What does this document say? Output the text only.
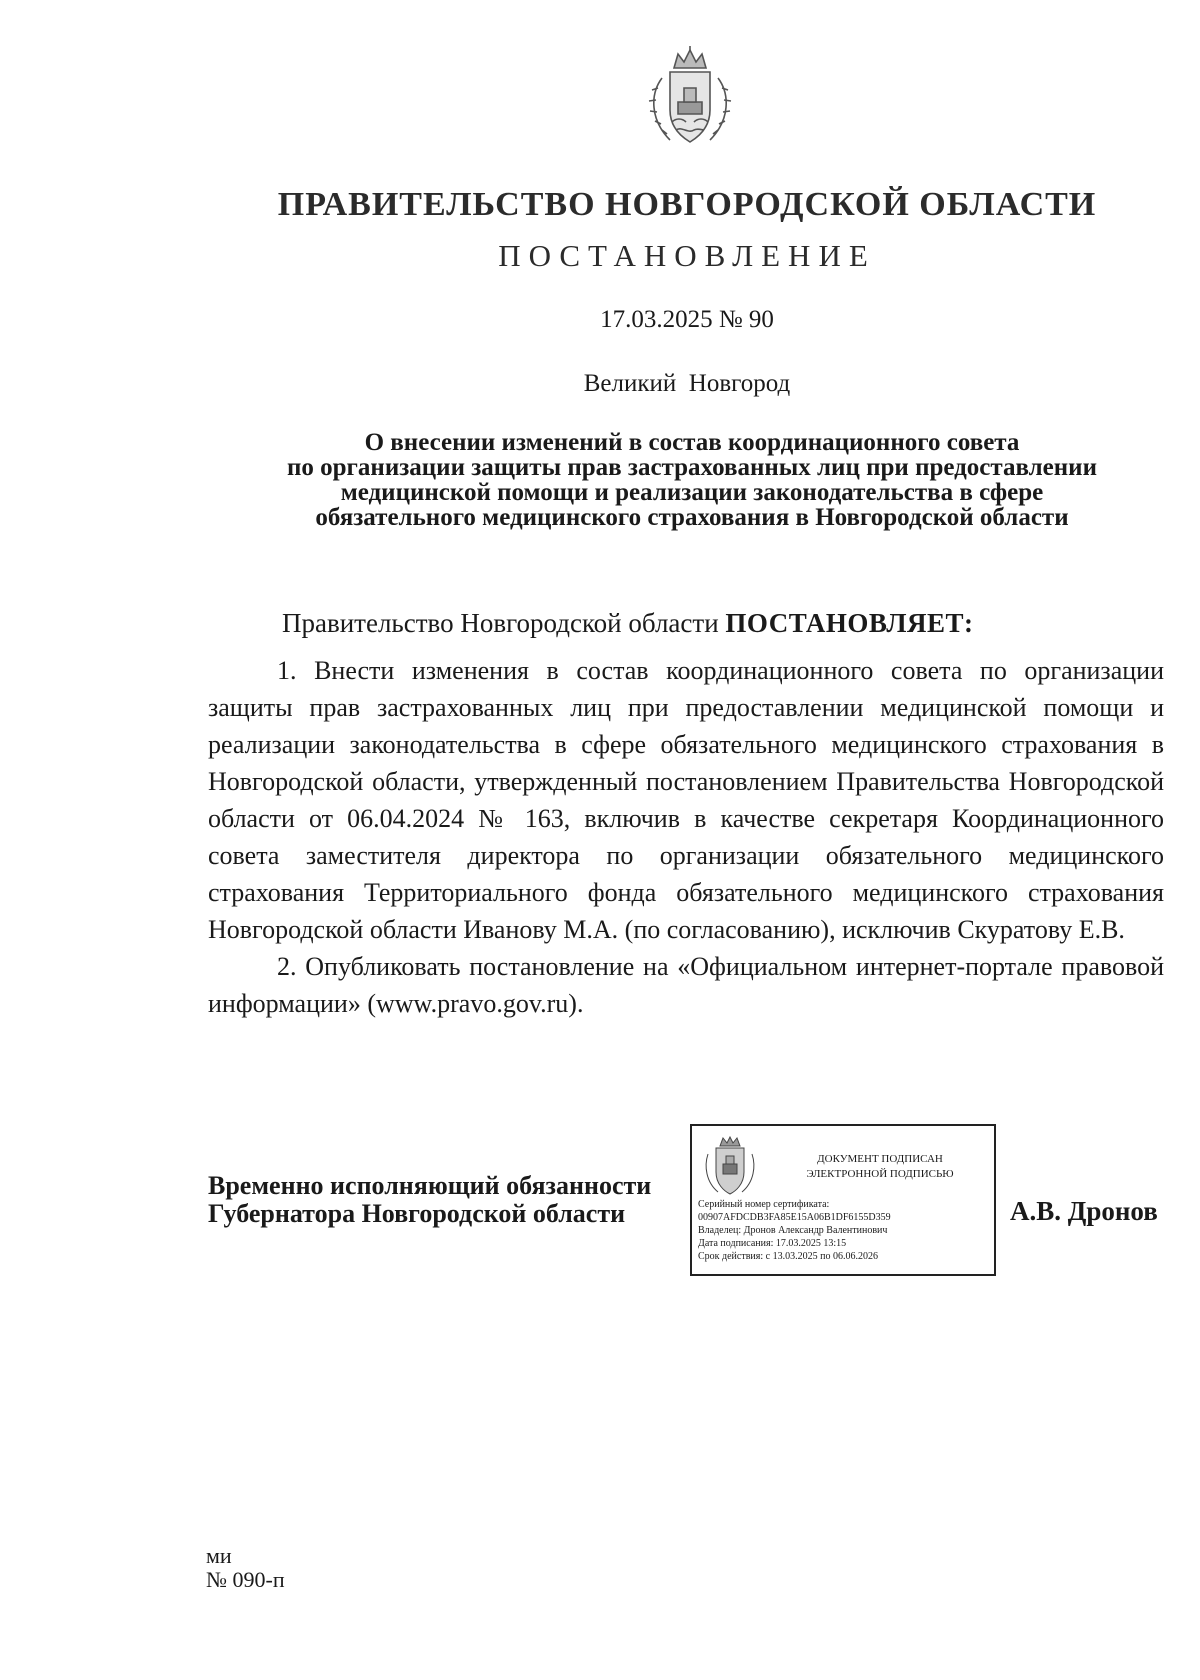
ПРАВИТЕЛЬСТВО НОВГОРОДСКОЙ ОБЛАСТИ
ПОСТАНОВЛЕНИЕ
17.03.2025 № 90
Великий  Новгород
О внесении изменений в состав координационного совета
по организации защиты прав застрахованных лиц при предоставлении
медицинской помощи и реализации законодательства в сфере
обязательного медицинского страхования в Новгородской области
Правительство Новгородской области ПОСТАНОВЛЯЕТ:

1. Внести изменения в состав координационного совета по организации защиты прав застрахованных лиц при предоставлении медицинской помощи и реализации законодательства в сфере обязательного медицинского страхования в Новгородской области, утвержденный постановлением Правительства Новгородской области от 06.04.2024 № 163, включив в качестве секретаря Координационного совета заместителя директора по организации обязательного медицинского страхования Территориального фонда обязательного медицинского страхования Новгородской области Иванову М.А. (по согласованию), исключив Скуратову Е.В.

2. Опубликовать постановление на «Официальном интернет-портале правовой информации» (www.pravo.gov.ru).

Временно исполняющий обязанности
Губернатора Новгородской области
ДОКУМЕНТ ПОДПИСАН
ЭЛЕКТРОННОЙ ПОДПИСЬЮ
Серийный номер сертификата:
00907AFDCDB3FA85E15A06B1DF6155D359
Владелец: Дронов Александр Валентинович
Дата подписания: 17.03.2025 13:15
Срок действия: с 13.03.2025 по 06.06.2026
А.В. Дронов
ми
№ 090-п
